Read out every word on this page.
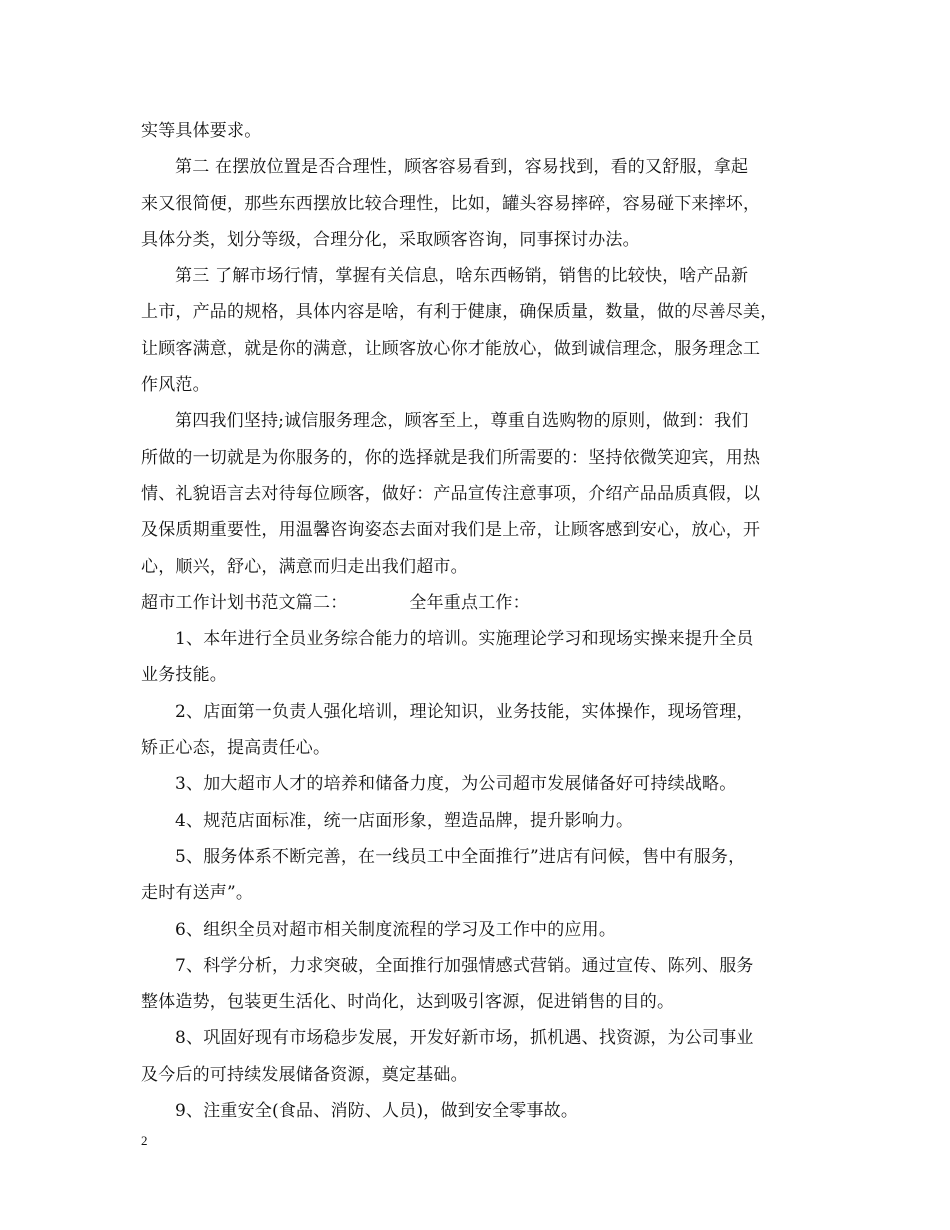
实等具体要求。
第二 在摆放位置是否合理性，顾客容易看到，容易找到，看的又舒服，拿起
来又很简便，那些东西摆放比较合理性，比如，罐头容易摔碎，容易碰下来摔坏，
具体分类，划分等级，合理分化，采取顾客咨询，同事探讨办法。
第三 了解市场行情，掌握有关信息，啥东西畅销，销售的比较快，啥产品新
上市，产品的规格，具体内容是啥，有利于健康，确保质量，数量，做的尽善尽美，
让顾客满意，就是你的满意，让顾客放心你才能放心，做到诚信理念，服务理念工
作风范。
第四我们坚持;诚信服务理念，顾客至上，尊重自选购物的原则，做到：我们
所做的一切就是为你服务的，你的选择就是我们所需要的：坚持依微笑迎宾，用热
情、礼貌语言去对待每位顾客，做好：产品宣传注意事项，介绍产品品质真假，以
及保质期重要性，用温馨咨询姿态去面对我们是上帝，让顾客感到安心，放心，开
心，顺兴，舒心，满意而归走出我们超市。
超市工作计划书范文篇二：	全年重点工作：
1、本年进行全员业务综合能力的培训。实施理论学习和现场实操来提升全员
业务技能。
2、店面第一负责人强化培训，理论知识，业务技能，实体操作，现场管理，
矫正心态，提高责任心。
3、加大超市人才的培养和储备力度，为公司超市发展储备好可持续战略。
4、规范店面标准，统一店面形象，塑造品牌，提升影响力。
5、服务体系不断完善，在一线员工中全面推行”进店有问候，售中有服务，
走时有送声”。
6、组织全员对超市相关制度流程的学习及工作中的应用。
7、科学分析，力求突破，全面推行加强情感式营销。通过宣传、陈列、服务
整体造势，包装更生活化、时尚化，达到吸引客源，促进销售的目的。
8、巩固好现有市场稳步发展，开发好新市场，抓机遇、找资源，为公司事业
及今后的可持续发展储备资源，奠定基础。
9、注重安全(食品、消防、人员)，做到安全零事故。
2
